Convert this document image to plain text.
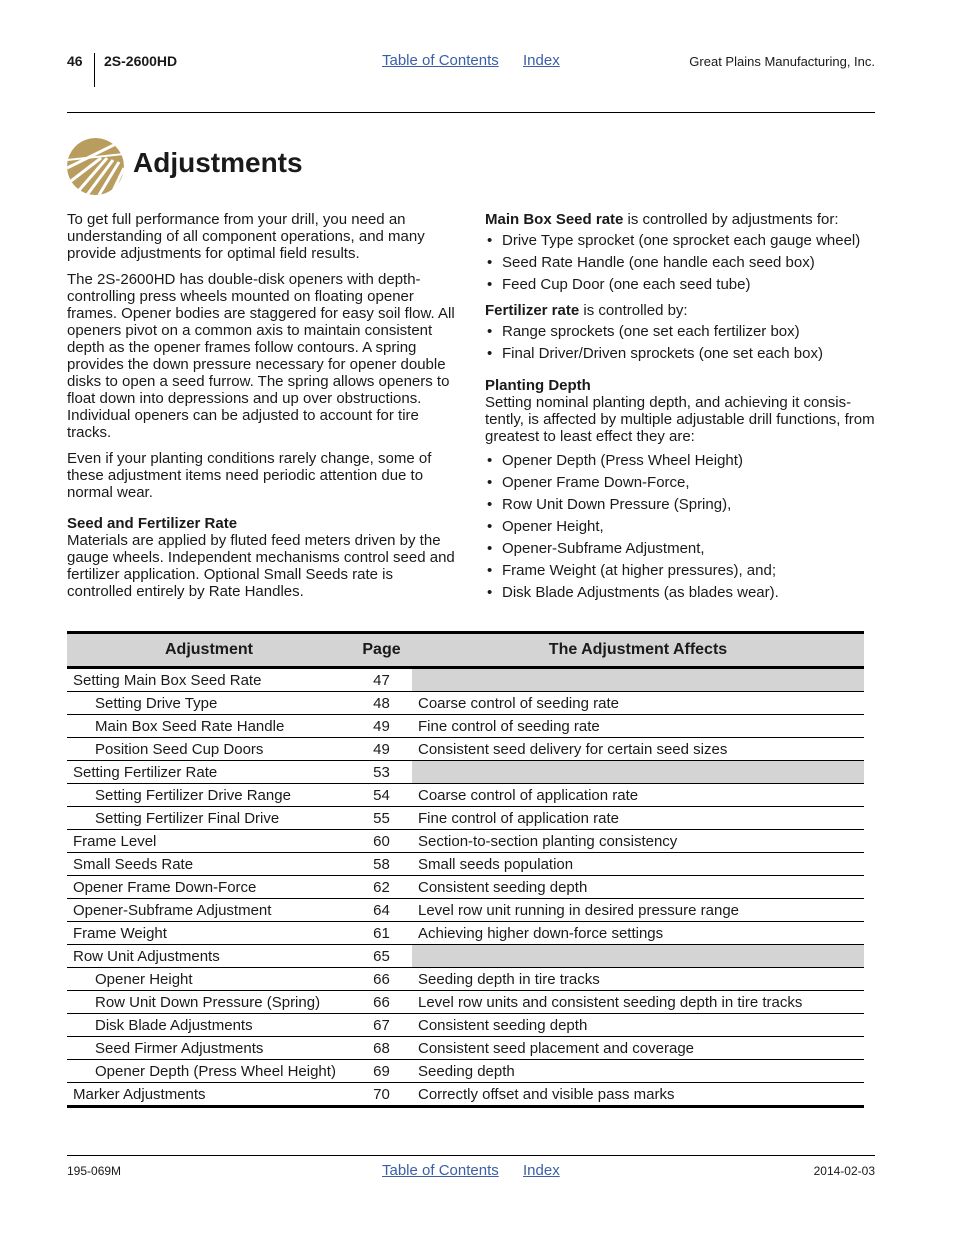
46 2S-2600HD	Table of Contents Index	Great Plains Manufacturing, Inc.
Adjustments

To get full performance from your drill, you need an understanding of all component operations, and many provide adjustments for optimal field results.

The 2S-2600HD has double-disk openers with depth-controlling press wheels mounted on floating opener frames. Opener bodies are staggered for easy soil flow. All openers pivot on a common axis to maintain consistent depth as the opener frames follow contours. A spring provides the down pressure necessary for opener double disks to open a seed furrow. The spring allows openers to float down into depressions and up over obstructions. Individual openers can be adjusted to account for tire tracks.

Even if your planting conditions rarely change, some of these adjustment items need periodic attention due to normal wear.

Seed and Fertilizer Rate

Materials are applied by fluted feed meters driven by the gauge wheels. Independent mechanisms control seed and fertilizer application. Optional Small Seeds rate is controlled entirely by Rate Handles.

Main Box Seed rate is controlled by adjustments for:

• Drive Type sprocket (one sprocket each gauge wheel)
• Seed Rate Handle (one handle each seed box)
• Feed Cup Door (one each seed tube)

Fertilizer rate is controlled by:

• Range sprockets (one set each fertilizer box)
• Final Driver/Driven sprockets (one set each box)
Planting Depth

Setting nominal planting depth, and achieving it consis-tently, is affected by multiple adjustable drill functions, from greatest to least effect they are:

• Opener Depth (Press Wheel Height)
• Opener Frame Down-Force,
• Row Unit Down Pressure (Spring),
• Opener Height,
• Opener-Subframe Adjustment,
• Frame Weight (at higher pressures), and;
• Disk Blade Adjustments (as blades wear).
Adjustment	Page	The Adjustment Affects
Setting Main Box Seed Rate	47	
Setting Drive Type	48	Coarse control of seeding rate
Main Box Seed Rate Handle	49	Fine control of seeding rate
Position Seed Cup Doors	49	Consistent seed delivery for certain seed sizes
Setting Fertilizer Rate	53	
Setting Fertilizer Drive Range	54	Coarse control of application rate
Setting Fertilizer Final Drive	55	Fine control of application rate
Frame Level	60	Section-to-section planting consistency
Small Seeds Rate	58	Small seeds population
Opener Frame Down-Force	62	Consistent seeding depth
Opener-Subframe Adjustment	64	Level row unit running in desired pressure range
Frame Weight	61	Achieving higher down-force settings
Row Unit Adjustments	65	
Opener Height	66	Seeding depth in tire tracks
Row Unit Down Pressure (Spring)	66	Level row units and consistent seeding depth in tire tracks
Disk Blade Adjustments	67	Consistent seeding depth
Seed Firmer Adjustments	68	Consistent seed placement and coverage
Opener Depth (Press Wheel Height)	69	Seeding depth
Marker Adjustments	70	Correctly offset and visible pass marks
195-069M	Table of Contents Index	2014-02-03
